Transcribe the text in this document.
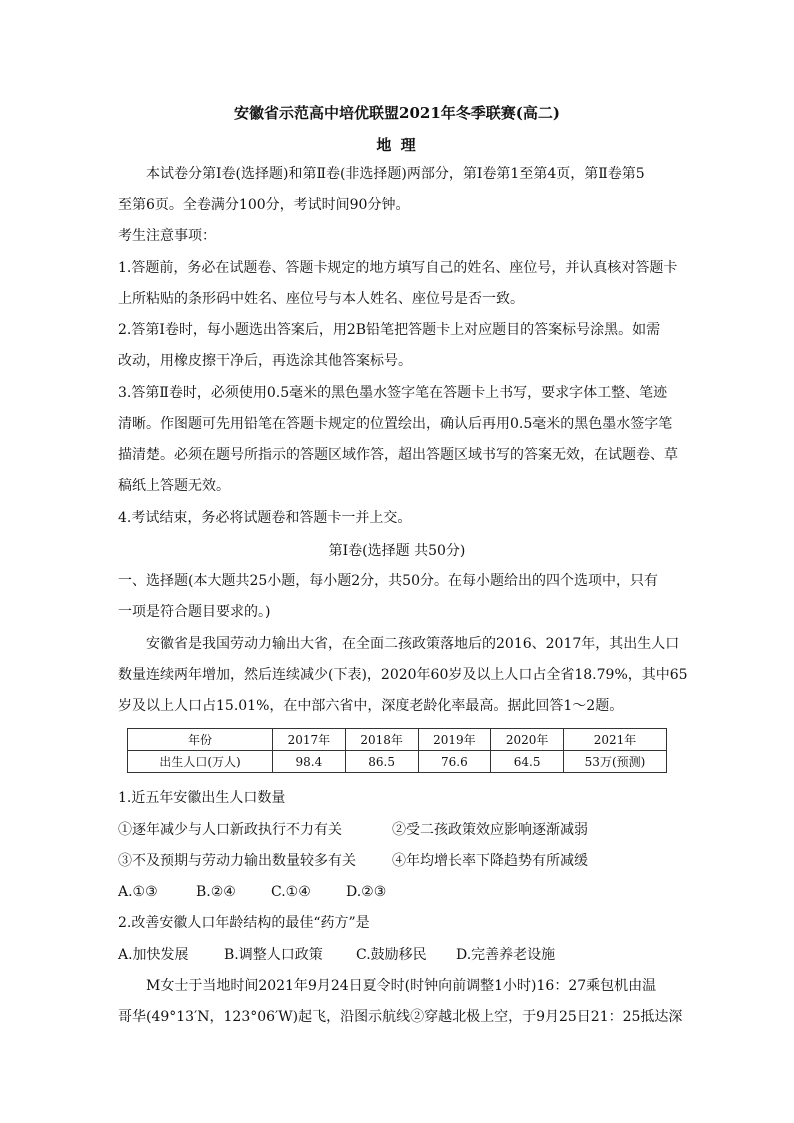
安徽省示范高中培优联盟2021年冬季联赛(高二)
地 理
本试卷分第Ⅰ卷(选择题)和第Ⅱ卷(非选择题)两部分，第Ⅰ卷第1至第4页，第Ⅱ卷第5
至第6页。全卷满分100分，考试时间90分钟。
考生注意事项：
1.答题前，务必在试题卷、答题卡规定的地方填写自己的姓名、座位号，并认真核对答题卡
上所粘贴的条形码中姓名、座位号与本人姓名、座位号是否一致。
2.答第Ⅰ卷时，每小题选出答案后，用2B铅笔把答题卡上对应题目的答案标号涂黑。如需
改动，用橡皮擦干净后，再选涂其他答案标号。
3.答第Ⅱ卷时，必须使用0.5毫米的黑色墨水签字笔在答题卡上书写，要求字体工整、笔迹
清晰。作图题可先用铅笔在答题卡规定的位置绘出，确认后再用0.5毫米的黑色墨水签字笔
描清楚。必须在题号所指示的答题区域作答，超出答题区域书写的答案无效，在试题卷、草
稿纸上答题无效。
4.考试结束，务必将试题卷和答题卡一并上交。
第Ⅰ卷(选择题 共50分)
一、选择题(本大题共25小题，每小题2分，共50分。在每小题给出的四个选项中，只有
一项是符合题目要求的。)
安徽省是我国劳动力输出大省，在全面二孩政策落地后的2016、2017年，其出生人口
数量连续两年增加，然后连续减少(下表)，2020年60岁及以上人口占全省18.79%，其中65
岁及以上人口占15.01%，在中部六省中，深度老龄化率最高。据此回答1～2题。
年份	2017年	2018年	2019年	2020年	2021年
出生人口(万人)	98.4	86.5	76.6	64.5	53万(预测)
1.近五年安徽出生人口数量
①逐年减少与人口新政执行不力有关	②受二孩政策效应影响逐渐减弱
③不及预期与劳动力输出数量较多有关	④年均增长率下降趋势有所减缓
A.①③	B.②④	C.①④	D.②③
2.改善安徽人口年龄结构的最佳“药方”是
A.加快发展	B.调整人口政策 C.鼓励移民 D.完善养老设施
M女士于当地时间2021年9月24日夏令时(时钟向前调整1小时)16：27乘包机由温
哥华(49°13′N，123°06′W)起飞，沿图示航线②穿越北极上空，于9月25日21：25抵达深
